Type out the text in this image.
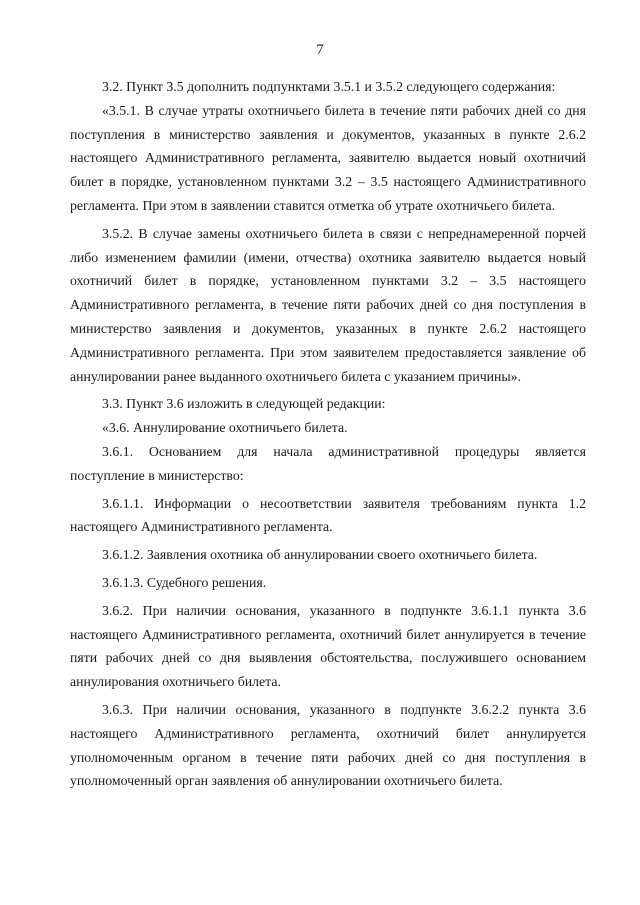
7

3.2. Пункт 3.5 дополнить подпунктами 3.5.1 и 3.5.2 следующего содержания:

«3.5.1. В случае утраты охотничьего билета в течение пяти рабочих дней со дня поступления в министерство заявления и документов, указанных в пункте 2.6.2 настоящего Административного регламента, заявителю выдается новый охотничий билет в порядке, установленном пунктами 3.2 – 3.5 настоящего Административного регламента. При этом в заявлении ставится отметка об утрате охотничьего билета.

3.5.2. В случае замены охотничьего билета в связи с непреднамеренной порчей либо изменением фамилии (имени, отчества) охотника заявителю выдается новый охотничий билет в порядке, установленном пунктами 3.2 – 3.5 настоящего Административного регламента, в течение пяти рабочих дней со дня поступления в министерство заявления и документов, указанных в пункте 2.6.2 настоящего Административного регламента. При этом заявителем предоставляется заявление об аннулировании ранее выданного охотничьего билета с указанием причины».

3.3. Пункт 3.6 изложить в следующей редакции:

«3.6. Аннулирование охотничьего билета.

3.6.1. Основанием для начала административной процедуры является поступление в министерство:

3.6.1.1. Информации о несоответствии заявителя требованиям пункта 1.2 настоящего Административного регламента.

3.6.1.2. Заявления охотника об аннулировании своего охотничьего билета.

3.6.1.3. Судебного решения.

3.6.2. При наличии основания, указанного в подпункте 3.6.1.1 пункта 3.6 настоящего Административного регламента, охотничий билет аннулируется в течение пяти рабочих дней со дня выявления обстоятельства, послужившего основанием аннулирования охотничьего билета.

3.6.3. При наличии основания, указанного в подпункте 3.6.2.2 пункта 3.6 настоящего Административного регламента, охотничий билет аннулируется уполномоченным органом в течение пяти рабочих дней со дня поступления в уполномоченный орган заявления об аннулировании охотничьего билета.
